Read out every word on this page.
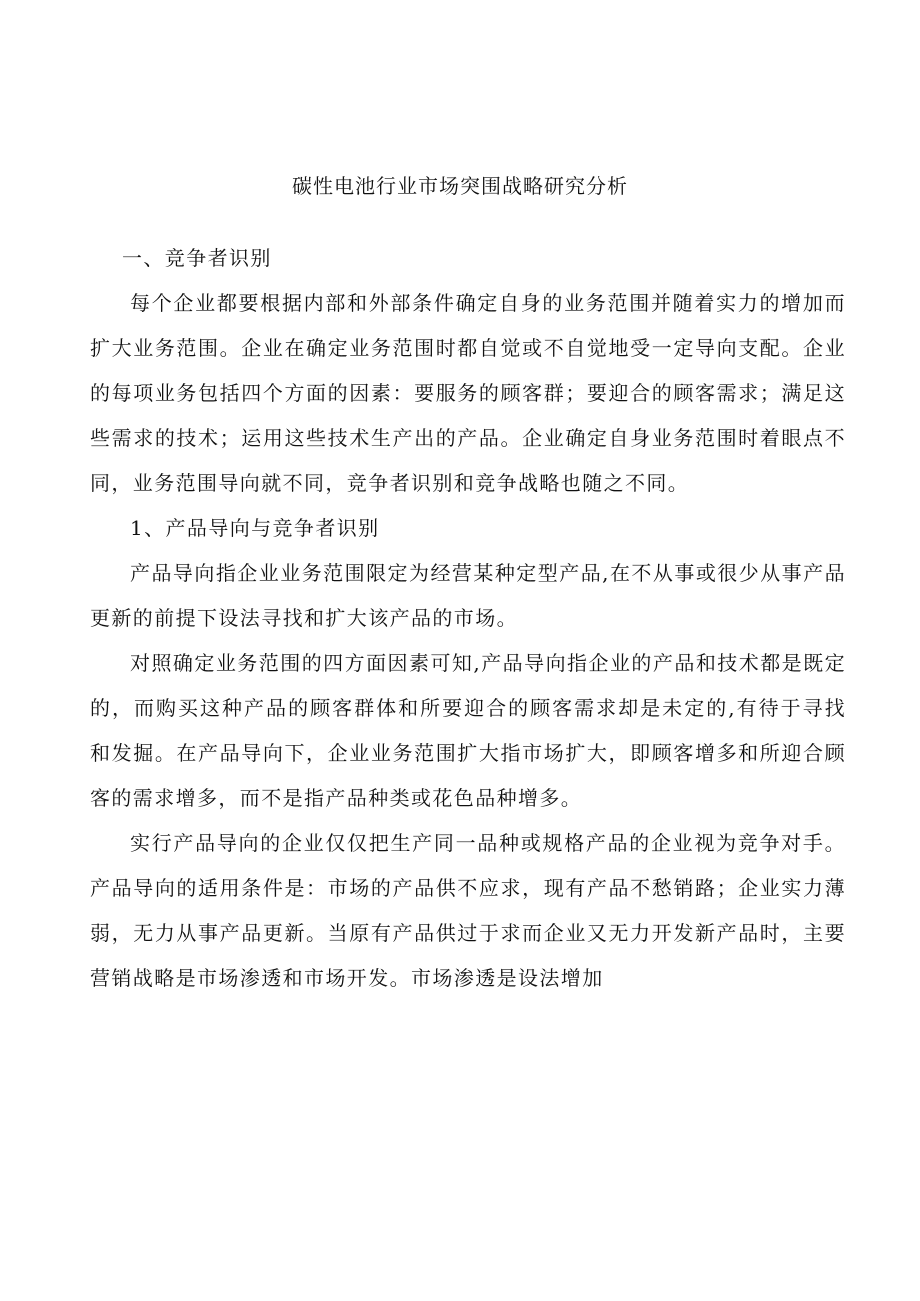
碳性电池行业市场突围战略研究分析

一、竞争者识别

每个企业都要根据内部和外部条件确定自身的业务范围并随着实力的增加而扩大业务范围。企业在确定业务范围时都自觉或不自觉地受一定导向支配。企业的每项业务包括四个方面的因素：要服务的顾客群；要迎合的顾客需求；满足这些需求的技术；运用这些技术生产出的产品。企业确定自身业务范围时着眼点不同，业务范围导向就不同，竞争者识别和竞争战略也随之不同。

1、产品导向与竞争者识别

产品导向指企业业务范围限定为经营某种定型产品,在不从事或很少从事产品更新的前提下设法寻找和扩大该产品的市场。

对照确定业务范围的四方面因素可知,产品导向指企业的产品和技术都是既定的，而购买这种产品的顾客群体和所要迎合的顾客需求却是未定的,有待于寻找和发掘。在产品导向下，企业业务范围扩大指市场扩大，即顾客增多和所迎合顾客的需求增多，而不是指产品种类或花色品种增多。

实行产品导向的企业仅仅把生产同一品种或规格产品的企业视为竞争对手。产品导向的适用条件是：市场的产品供不应求，现有产品不愁销路；企业实力薄弱，无力从事产品更新。当原有产品供过于求而企业又无力开发新产品时，主要营销战略是市场渗透和市场开发。市场渗透是设法增加
